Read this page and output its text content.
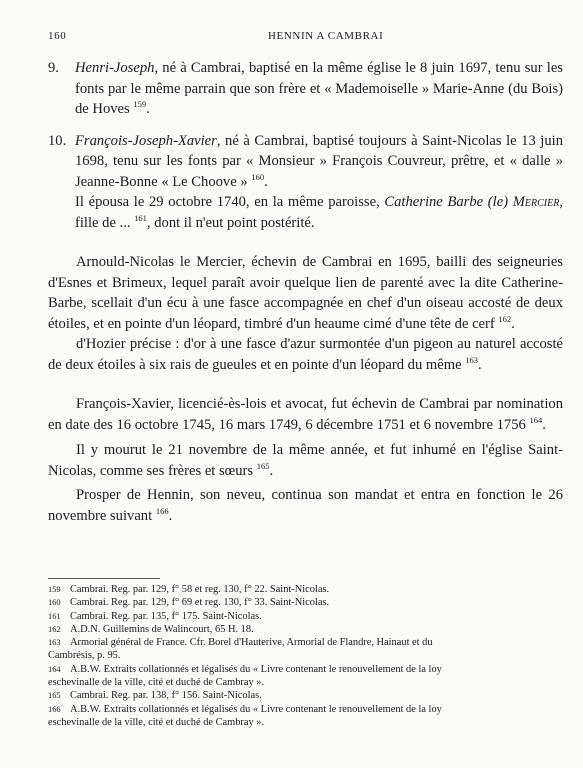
160	HENNIN A CAMBRAI
9.	Henri-Joseph, né à Cambrai, baptisé en la même église le 8 juin 1697, tenu sur les fonts par le même parrain que son frère et « Mademoiselle » Marie-Anne (du Bois) de Hoves $^{159}$.

10. François-Joseph-Xavier, né à Cambrai, baptisé toujours à Saint-Nicolas le 13 juin 1698, tenu sur les fonts par « Monsieur » François Couvreur, prêtre, et « dalle » Jeanne-Bonne « Le Choove » $^{160}$.

Il épousa le 29 octobre 1740, en la même paroisse, Catherine Barbe (le) Mercier, fille de ... $^{161}$, dont il n'eut point postérité.

Arnould-Nicolas le Mercier, échevin de Cambrai en 1695, bailli des seigneuries d'Esnes et Brimeux, lequel paraît avoir quelque lien de parenté avec la dite Catherine-Barbe, scellait d'un écu à une fasce accompagnée en chef d'un oiseau accosté de deux étoiles, et en pointe d'un léopard, timbré d'un heaume cimé d'une tête de cerf $^{162}$.

d'Hozier précise : d'or à une fasce d'azur surmontée d'un pigeon au naturel accosté de deux étoiles à six rais de gueules et en pointe d'un léopard du même $^{163}$.

François-Xavier, licencié-ès-lois et avocat, fut échevin de Cambrai par nomination en date des 16 octobre 1745, 16 mars 1749, 6 décembre 1751 et 6 novembre 1756 $^{164}$.

Il y mourut le 21 novembre de la même année, et fut inhumé en l'église Saint-Nicolas, comme ses frères et sœurs $^{165}$.

Prosper de Hennin, son neveu, continua son mandat et entra en fonction le 26 novembre suivant $^{166}$.

159 Cambrai. Reg. par. 129, f° 58 et reg. 130, f° 22. Saint-Nicolas.
160 Cambrai. Reg. par. 129, f° 69 et reg. 130, f° 33. Saint-Nicolas.
161 Cambrai. Reg. par. 135, f° 175. Saint-Nicolas.
162 A.D.N. Guillemins de Walincourt, 65 H. 18.
163 Armorial général de France. Cfr. Borel d'Hauterive, Armorial de Flandre, Hainaut et du
Cambrésis, p. 95.
164 A.B.W. Extraits collationnés et légalisés du « Livre contenant le renouvellement de la loy
eschevinalle de la ville, cité et duché de Cambray ».
165 Cambrai. Reg. par. 138, f° 156. Saint-Nicolas.
166 A.B.W. Extraits collationnés et légalisés du « Livre contenant le renouvellement de la loy
eschevinalle de la ville, cité et duché de Cambray ».
